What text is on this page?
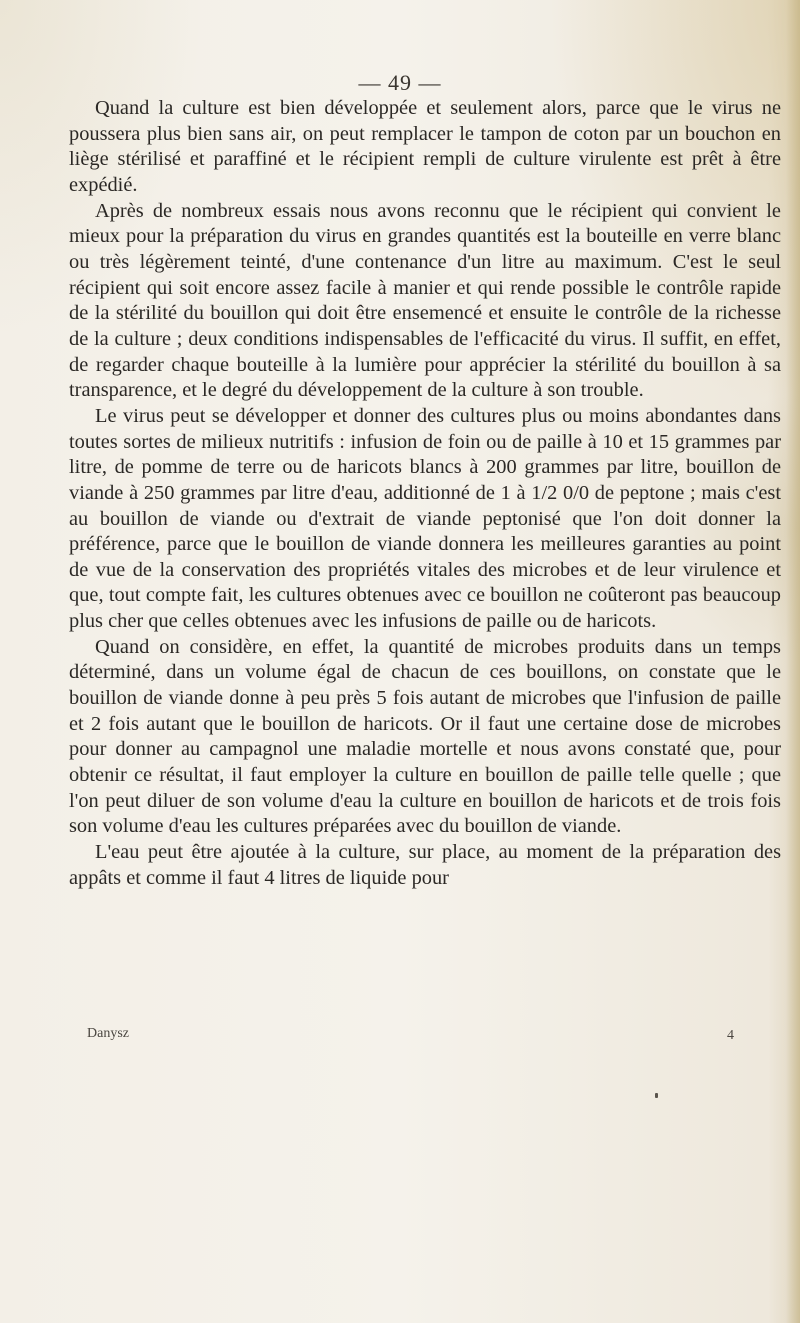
— 49 —

Quand la culture est bien développée et seulement alors, parce que le virus ne poussera plus bien sans air, on peut remplacer le tampon de coton par un bouchon en liège stérilisé et paraffiné et le récipient rempli de culture virulente est prêt à être expédié.

Après de nombreux essais nous avons reconnu que le récipient qui convient le mieux pour la préparation du virus en grandes quantités est la bouteille en verre blanc ou très légèrement teinté, d'une contenance d'un litre au maximum. C'est le seul récipient qui soit encore assez facile à manier et qui rende possible le contrôle rapide de la stérilité du bouillon qui doit être ensemencé et ensuite le contrôle de la richesse de la culture ; deux conditions indispensables de l'efficacité du virus. Il suffit, en effet, de regarder chaque bouteille à la lumière pour apprécier la stérilité du bouillon à sa transparence, et le degré du développement de la culture à son trouble.

Le virus peut se développer et donner des cultures plus ou moins abondantes dans toutes sortes de milieux nutritifs : infusion de foin ou de paille à 10 et 15 grammes par litre, de pomme de terre ou de haricots blancs à 200 grammes par litre, bouillon de viande à 250 grammes par litre d'eau, additionné de 1 à 1/2 0/0 de peptone ; mais c'est au bouillon de viande ou d'extrait de viande peptonisé que l'on doit donner la préférence, parce que le bouillon de viande donnera les meilleures garanties au point de vue de la conservation des propriétés vitales des microbes et de leur virulence et que, tout compte fait, les cultures obtenues avec ce bouillon ne coûteront pas beaucoup plus cher que celles obtenues avec les infusions de paille ou de haricots.

Quand on considère, en effet, la quantité de microbes produits dans un temps déterminé, dans un volume égal de chacun de ces bouillons, on constate que le bouillon de viande donne à peu près 5 fois autant de microbes que l'infusion de paille et 2 fois autant que le bouillon de haricots. Or il faut une certaine dose de microbes pour donner au campagnol une maladie mortelle et nous avons constaté que, pour obtenir ce résultat, il faut employer la culture en bouillon de paille telle quelle ; que l'on peut diluer de son volume d'eau la culture en bouillon de haricots et de trois fois son volume d'eau les cultures préparées avec du bouillon de viande.

L'eau peut être ajoutée à la culture, sur place, au moment de la préparation des appâts et comme il faut 4 litres de liquide pour

Danysz	4
